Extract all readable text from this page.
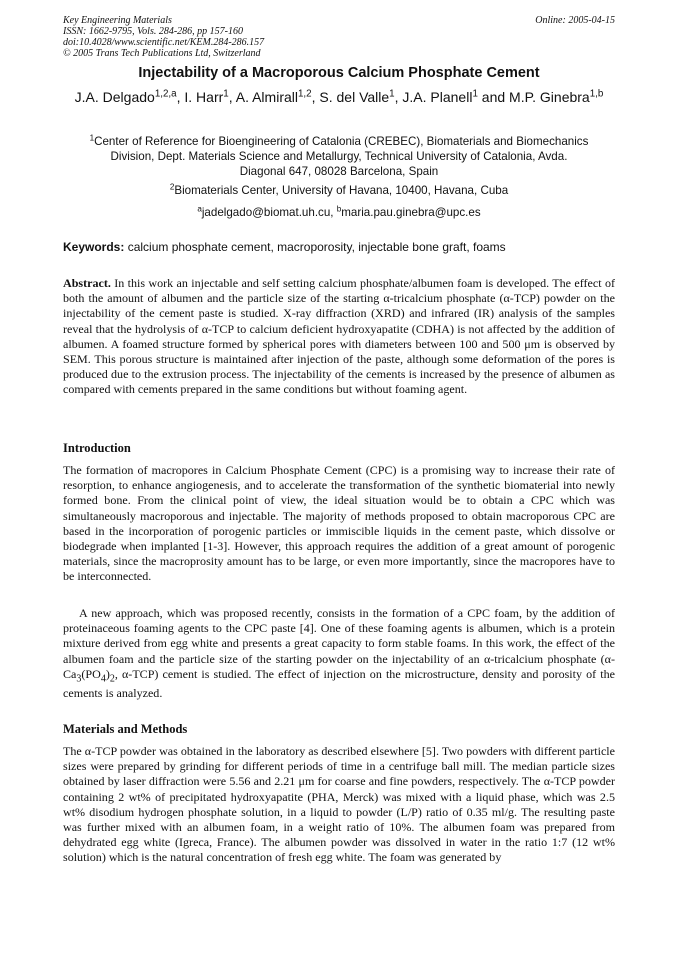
Key Engineering Materials
ISSN: 1662-9795, Vols. 284-286, pp 157-160
doi:10.4028/www.scientific.net/KEM.284-286.157
© 2005 Trans Tech Publications Ltd, Switzerland
Online: 2005-04-15
Injectability of a Macroporous Calcium Phosphate Cement
J.A. Delgado$^{1,2,a}$, I. Harr$^1$, A. Almirall$^{1,2}$, S. del Valle$^1$, J.A. Planell$^1$ and M.P. Ginebra$^{1,b}$
$^1$Center of Reference for Bioengineering of Catalonia (CREBEC), Biomaterials and Biomechanics
Division, Dept. Materials Science and Metallurgy, Technical University of Catalonia, Avda.
Diagonal 647, 08028 Barcelona, Spain
$^2$Biomaterials Center, University of Havana, 10400, Havana, Cuba
$^a$jadelgado@biomat.uh.cu, $^b$maria.pau.ginebra@upc.es
Keywords: calcium phosphate cement, macroporosity, injectable bone graft, foams

Abstract. In this work an injectable and self setting calcium phosphate/albumen foam is developed. The effect of both the amount of albumen and the particle size of the starting α-tricalcium phosphate (α-TCP) powder on the injectability of the cement paste is studied. X-ray diffraction (XRD) and infrared (IR) analysis of the samples reveal that the hydrolysis of α-TCP to calcium deficient hydroxyapatite (CDHA) is not affected by the addition of albumen. A foamed structure formed by spherical pores with diameters between 100 and 500 μm is observed by SEM. This porous structure is maintained after injection of the paste, although some deformation of the pores is produced due to the extrusion process. The injectability of the cements is increased by the presence of albumen as compared with cements prepared in the same conditions but without foaming agent.

Introduction

The formation of macropores in Calcium Phosphate Cement (CPC) is a promising way to increase their rate of resorption, to enhance angiogenesis, and to accelerate the transformation of the synthetic biomaterial into newly formed bone. From the clinical point of view, the ideal situation would be to obtain a CPC which was simultaneously macroporous and injectable. The majority of methods proposed to obtain macroporous CPC are based in the incorporation of porogenic particles or immiscible liquids in the cement paste, which dissolve or biodegrade when implanted [1-3]. However, this approach requires the addition of a great amount of porogenic materials, since the macroprosity amount has to be large, or even more importantly, since the macropores have to be interconnected.

A new approach, which was proposed recently, consists in the formation of a CPC foam, by the addition of proteinaceous foaming agents to the CPC paste [4]. One of these foaming agents is albumen, which is a protein mixture derived from egg white and presents a great capacity to form stable foams. In this work, the effect of the albumen foam and the particle size of the starting powder on the injectability of an α-tricalcium phosphate ($\alpha-Ca_3(PO_4)_2$, α-TCP) cement is studied. The effect of injection on the microstructure, density and porosity of the cements is analyzed.

Materials and Methods

The α-TCP powder was obtained in the laboratory as described elsewhere [5]. Two powders with different particle sizes were prepared by grinding for different periods of time in a centrifuge ball mill. The median particle sizes obtained by laser diffraction were 5.56 and 2.21 μm for coarse and fine powders, respectively. The α-TCP powder containing 2 wt% of precipitated hydroxyapatite (PHA, Merck) was mixed with a liquid phase, which was 2.5 wt% disodium hydrogen phosphate solution, in a liquid to powder (L/P) ratio of 0.35 ml/g. The resulting paste was further mixed with an albumen foam, in a weight ratio of 10%. The albumen foam was prepared from dehydrated egg white (Igreca, France). The albumen powder was dissolved in water in the ratio 1:7 (12 wt% solution) which is the natural concentration of fresh egg white. The foam was generated by
